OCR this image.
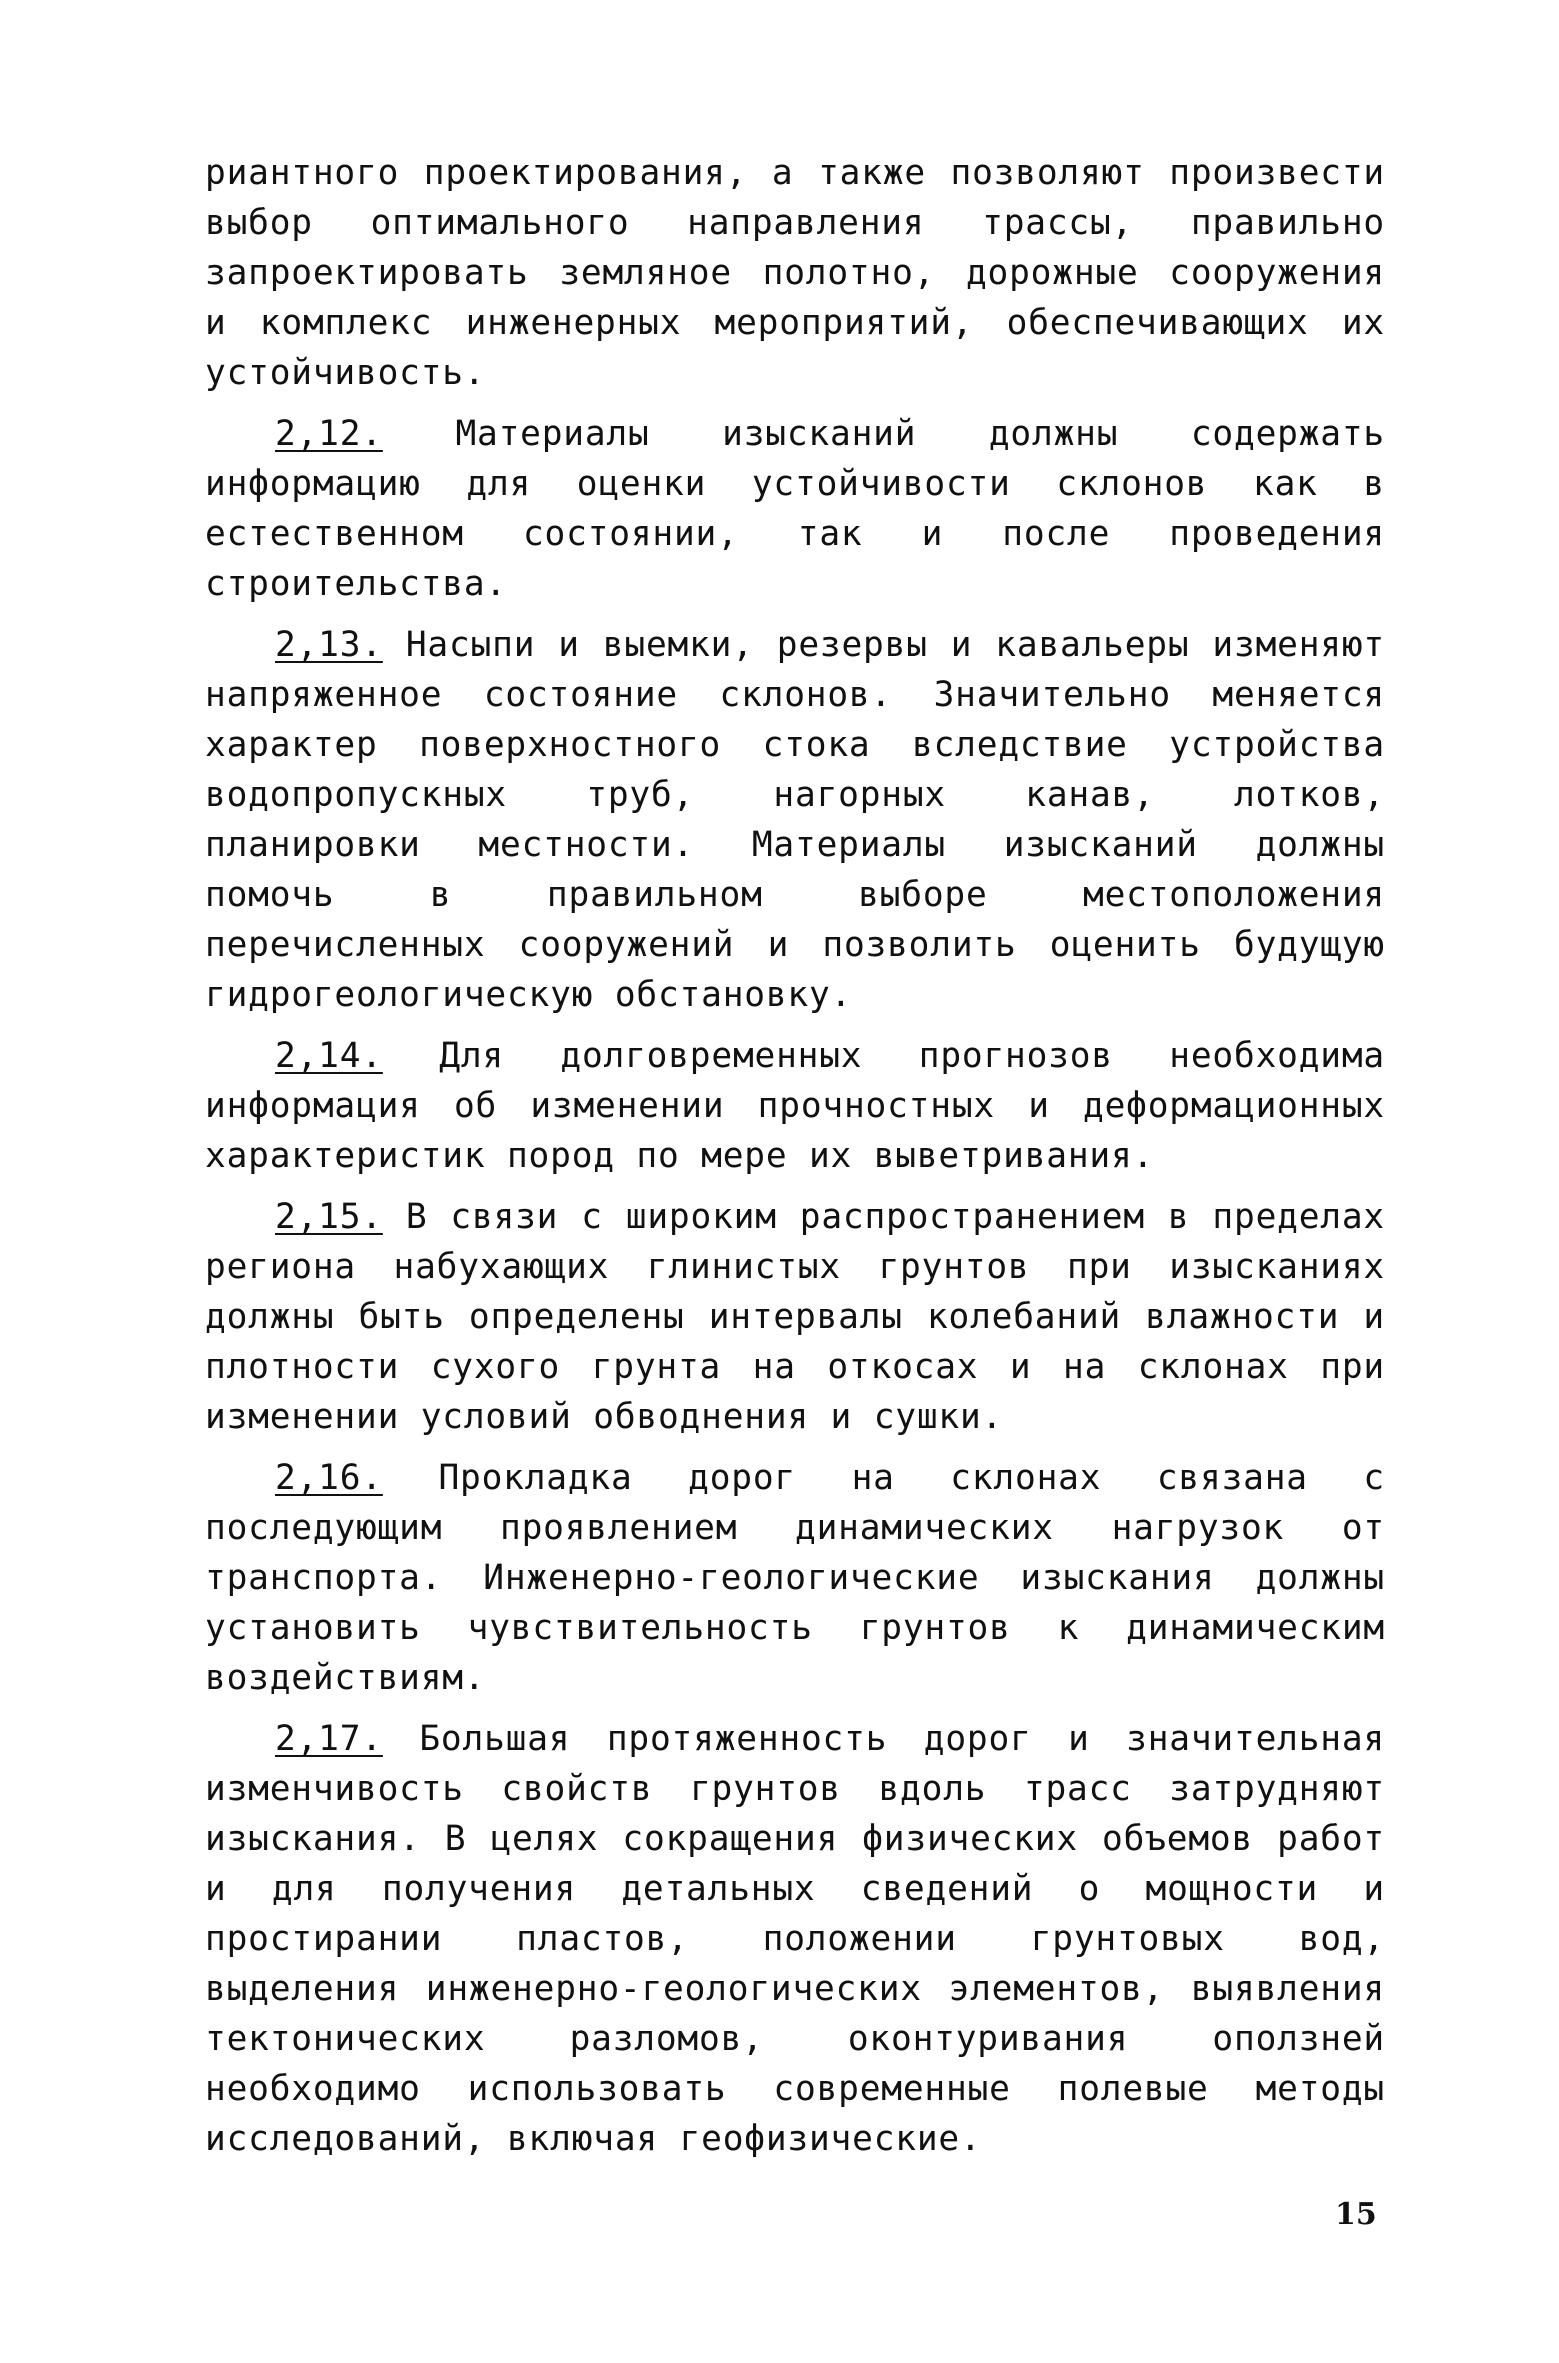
риантного проектирования, а также позволяют произвести выбор оптимального направления трассы, правильно запроектировать земляное полотно, дорожные сооружения и комплекс инженерных мероприятий, обеспечивающих их устойчивость.

2,12. Материалы изысканий должны содержать информацию для оценки устойчивости склонов как в естественном состоянии, так и после проведения строительства.

2,13. Насыпи и выемки, резервы и кавальеры изменяют напряженное состояние склонов. Значительно меняется характер поверхностного стока вследствие устройства водопропускных труб, нагорных канав, лотков, планировки местности. Материалы изысканий должны помочь в правильном выборе местоположения перечисленных сооружений и позволить оценить будущую гидрогеологическую обстановку.

2,14. Для долговременных прогнозов необходима информация об изменении прочностных и деформационных характеристик пород по мере их выветривания.

2,15. В связи с широким распространением в пределах региона набухающих глинистых грунтов при изысканиях должны быть определены интервалы колебаний влажности и плотности сухого грунта на откосах и на склонах при изменении условий обводнения и сушки.

2,16. Прокладка дорог на склонах связана с последующим проявлением динамических нагрузок от транспорта. Инженерно-геологические изыскания должны установить чувствительность грунтов к динамическим воздействиям.

2,17. Большая протяженность дорог и значительная изменчивость свойств грунтов вдоль трасс затрудняют изыскания. В целях сокращения физических объемов работ и для получения детальных сведений о мощности и простирании пластов, положении грунтовых вод, выделения инженерно-геологических элементов, выявления тектонических разломов, оконтуривания оползней необходимо использовать современные полевые методы исследований, включая геофизические.

15
